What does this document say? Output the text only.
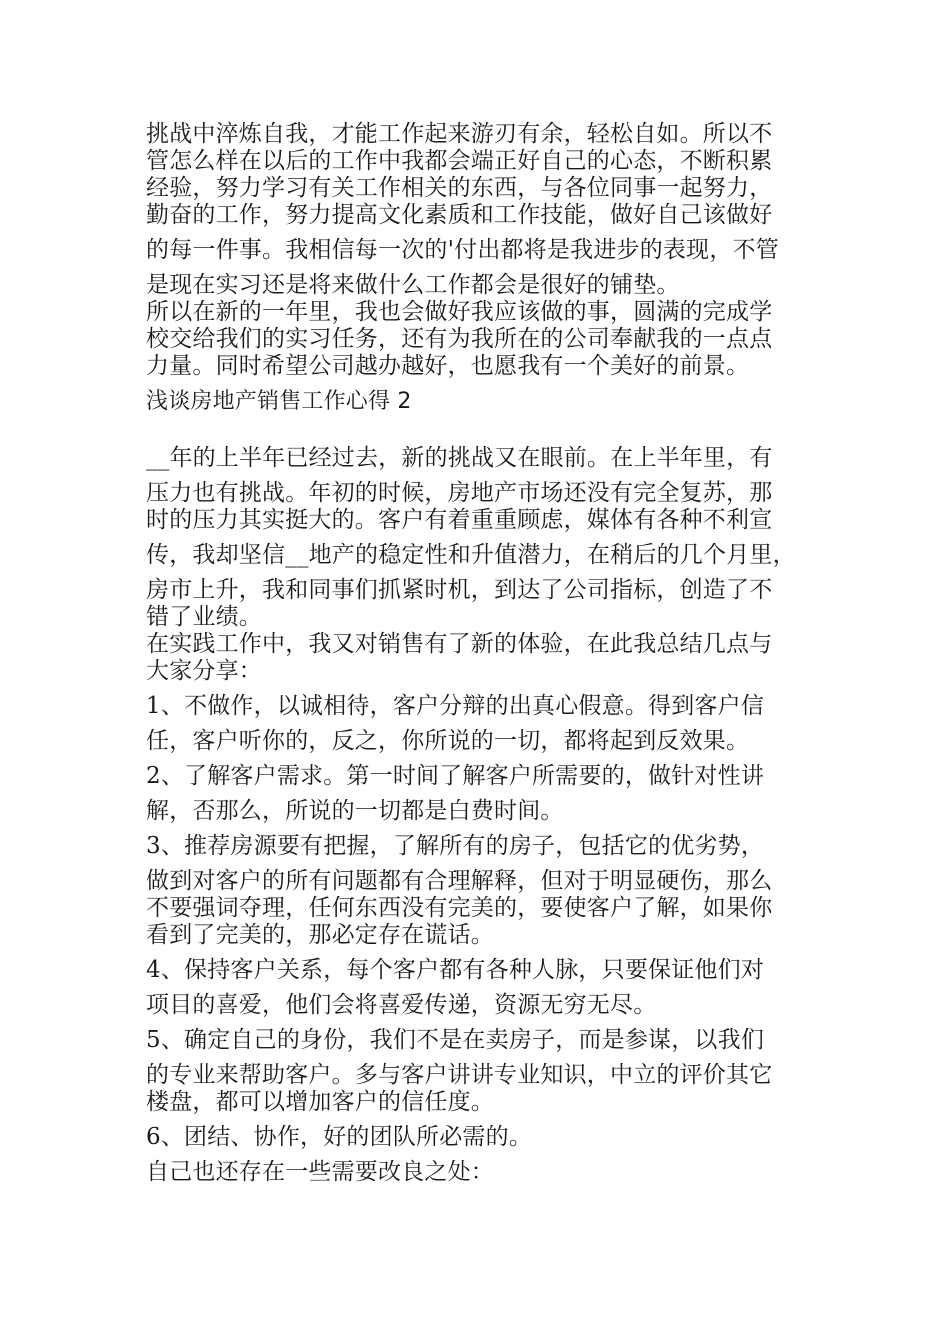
挑战中淬炼自我，才能工作起来游刃有余，轻松自如。所以不
管怎么样在以后的工作中我都会端正好自己的心态，不断积累
经验，努力学习有关工作相关的东西，与各位同事一起努力，
勤奋的工作，努力提高文化素质和工作技能，做好自己该做好
的每一件事。我相信每一次的'付出都将是我进步的表现，不管
是现在实习还是将来做什么工作都会是很好的铺垫。
所以在新的一年里，我也会做好我应该做的事，圆满的完成学
校交给我们的实习任务，还有为我所在的公司奉献我的一点点
力量。同时希望公司越办越好，也愿我有一个美好的前景。
浅谈房地产销售工作心得 2
__年的上半年已经过去，新的挑战又在眼前。在上半年里，有
压力也有挑战。年初的时候，房地产市场还没有完全复苏，那
时的压力其实挺大的。客户有着重重顾虑，媒体有各种不利宣
传，我却坚信__地产的稳定性和升值潜力，在稍后的几个月里，
房市上升，我和同事们抓紧时机，到达了公司指标，创造了不
错了业绩。
在实践工作中，我又对销售有了新的体验，在此我总结几点与
大家分享：
1、不做作，以诚相待，客户分辩的出真心假意。得到客户信
任，客户听你的，反之，你所说的一切，都将起到反效果。
2、了解客户需求。第一时间了解客户所需要的，做针对性讲
解，否那么，所说的一切都是白费时间。
3、推荐房源要有把握，了解所有的房子，包括它的优劣势，
做到对客户的所有问题都有合理解释，但对于明显硬伤，那么
不要强词夺理，任何东西没有完美的，要使客户了解，如果你
看到了完美的，那必定存在谎话。
4、保持客户关系，每个客户都有各种人脉，只要保证他们对
项目的喜爱，他们会将喜爱传递，资源无穷无尽。
5、确定自己的身份，我们不是在卖房子，而是参谋，以我们
的专业来帮助客户。多与客户讲讲专业知识，中立的评价其它
楼盘，都可以增加客户的信任度。
6、团结、协作，好的团队所必需的。
自己也还存在一些需要改良之处：
